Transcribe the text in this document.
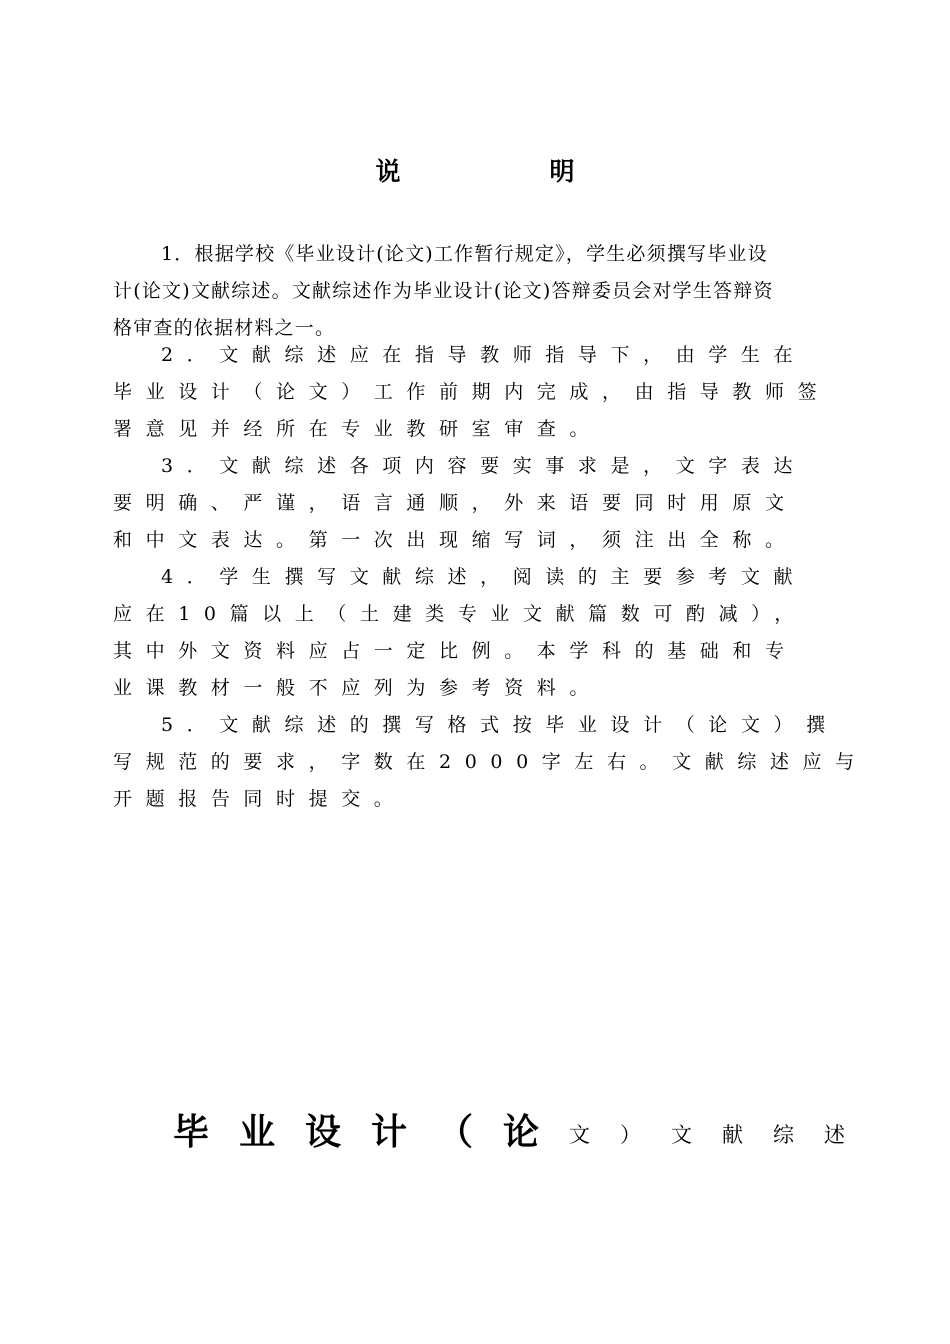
说　明
1．根据学校《毕业设计(论文)工作暂行规定》，学生必须撰写毕业设
计(论文)文献综述。文献综述作为毕业设计(论文)答辩委员会对学生答辩资
格审查的依据材料之一。
2．文献综述应在指导教师指导下，由学生在
毕业设计（论文）工作前期内完成，由指导教师签
署意见并经所在专业教研室审查。
3．文献综述各项内容要实事求是，文字表达
要明确、严谨，语言通顺，外来语要同时用原文
和中文表达。第一次出现缩写词，须注出全称。
4．学生撰写文献综述，阅读的主要参考文献
应在10篇以上（土建类专业文献篇数可酌减），
其中外文资料应占一定比例。本学科的基础和专
业课教材一般不应列为参考资料。
5．文献综述的撰写格式按毕业设计（论文）撰
写规范的要求，字数在2000字左右。文献综述应与
开题报告同时提交。
毕业设计（论文）文献综述
